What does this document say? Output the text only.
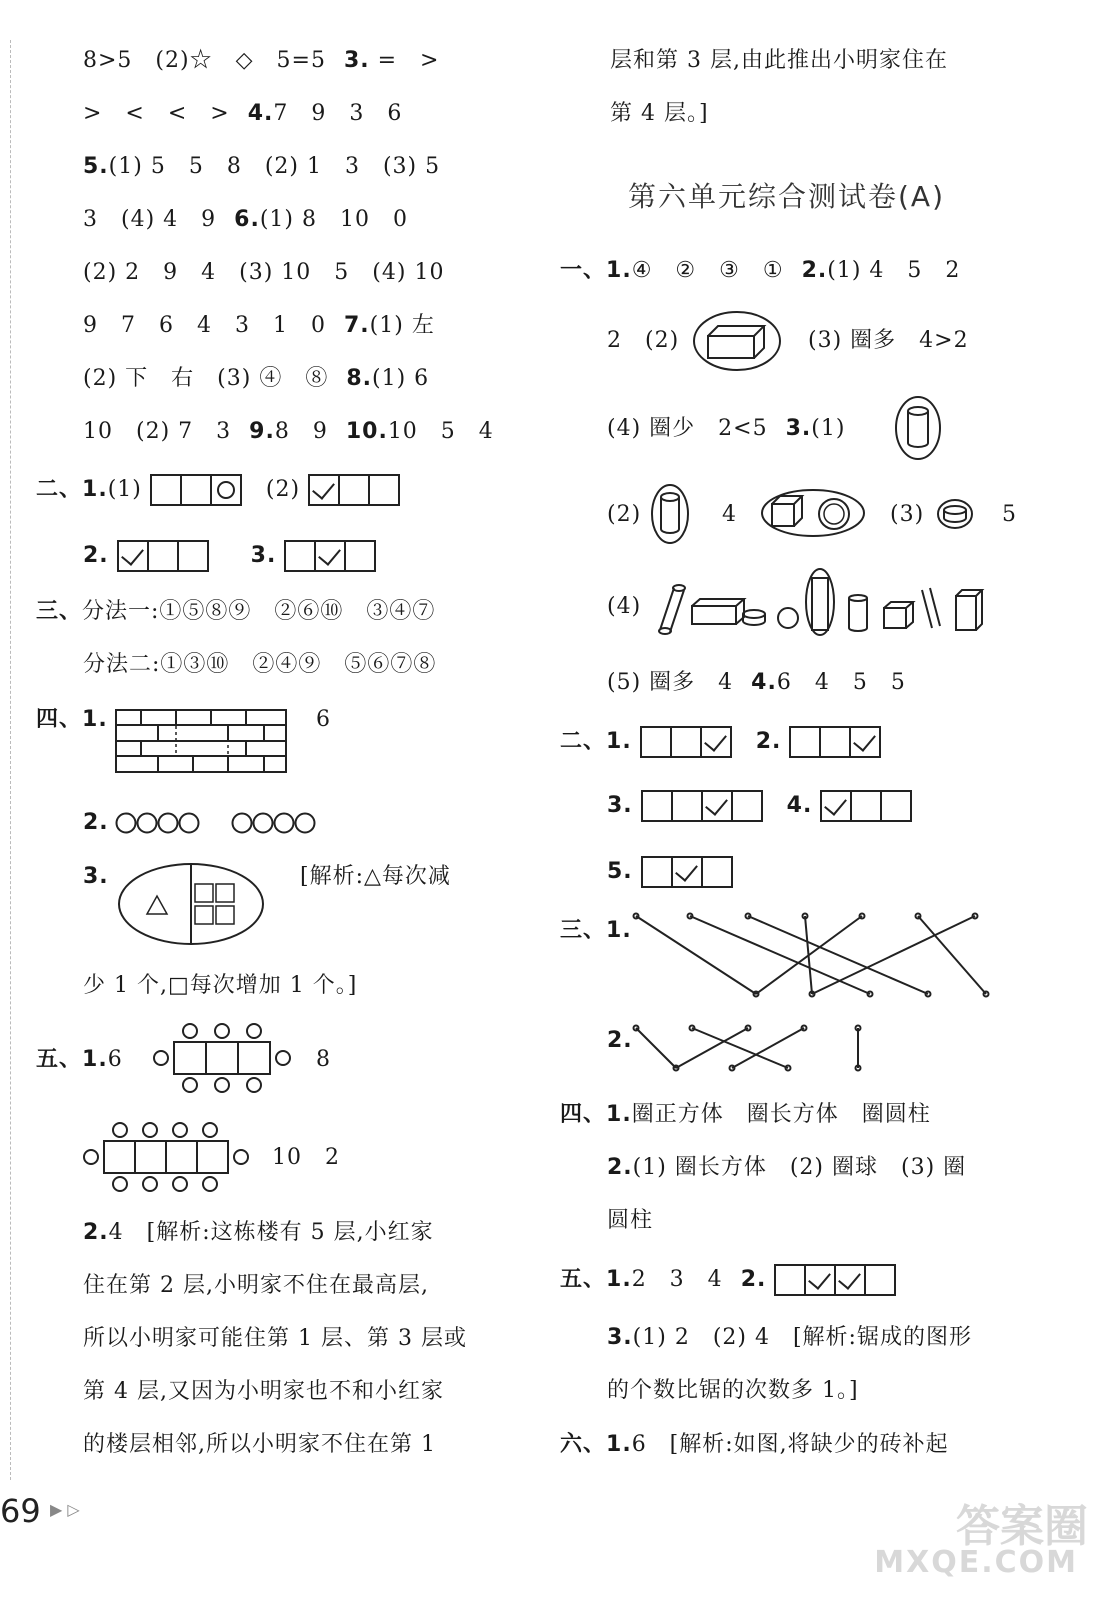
8>5　(2)☆　◇　5=5 3. =　>
>　<　<　> 4.7　9　3　6
5.(1) 5　5　8　(2) 1　3　(3) 5
3　(4) 4　9 6.(1) 8　10　0
(2) 2　9　4　(3) 10　5　(4) 10
9　7　6　4　3　1　0 7.(1) 左
(2) 下　右　(3) ④　⑧ 8.(1) 6
10　(2) 7　3 9.8　9 10.10　5　4
二、1.(1)	(2)
2.	3.
三、分法一:①⑤⑧⑨　②⑥⑩　③④⑦
分法二:①③⑩　②④⑨　⑤⑥⑦⑧
四、1.	6
2.
3.	[解析:△每次减
少 1 个,□每次增加 1 个。]
五、1.6	8
10　2
2.4　[解析:这栋楼有 5 层,小红家
住在第 2 层,小明家不住在最高层,
所以小明家可能住第 1 层、第 3 层或
第 4 层,又因为小明家也不和小红家
的楼层相邻,所以小明家不住在第 1
层和第 3 层,由此推出小明家住在
第 4 层。]
第六单元综合测试卷(A)
一、1.④　②　③　① 2.(1) 4　5　2
2　(2)	(3) 圈多　4>2
(4) 圈少　2<5 3.(1)
(2)	4	(3)	5
(4)
(5) 圈多　4 4.6　4　5　5
二、1.	2.
3.	4.
5.
三、1.
2.
四、1.圈正方体　圈长方体　圈圆柱
2.(1) 圈长方体　(2) 圈球　(3) 圈
圆柱
五、1.2　3　4 2.
3.(1) 2　(2) 4　[解析:锯成的图形
的个数比锯的次数多 1。]
六、1.6　[解析:如图,将缺少的砖补起
69 ▶ ▷	答案圈
MXQE.COM
